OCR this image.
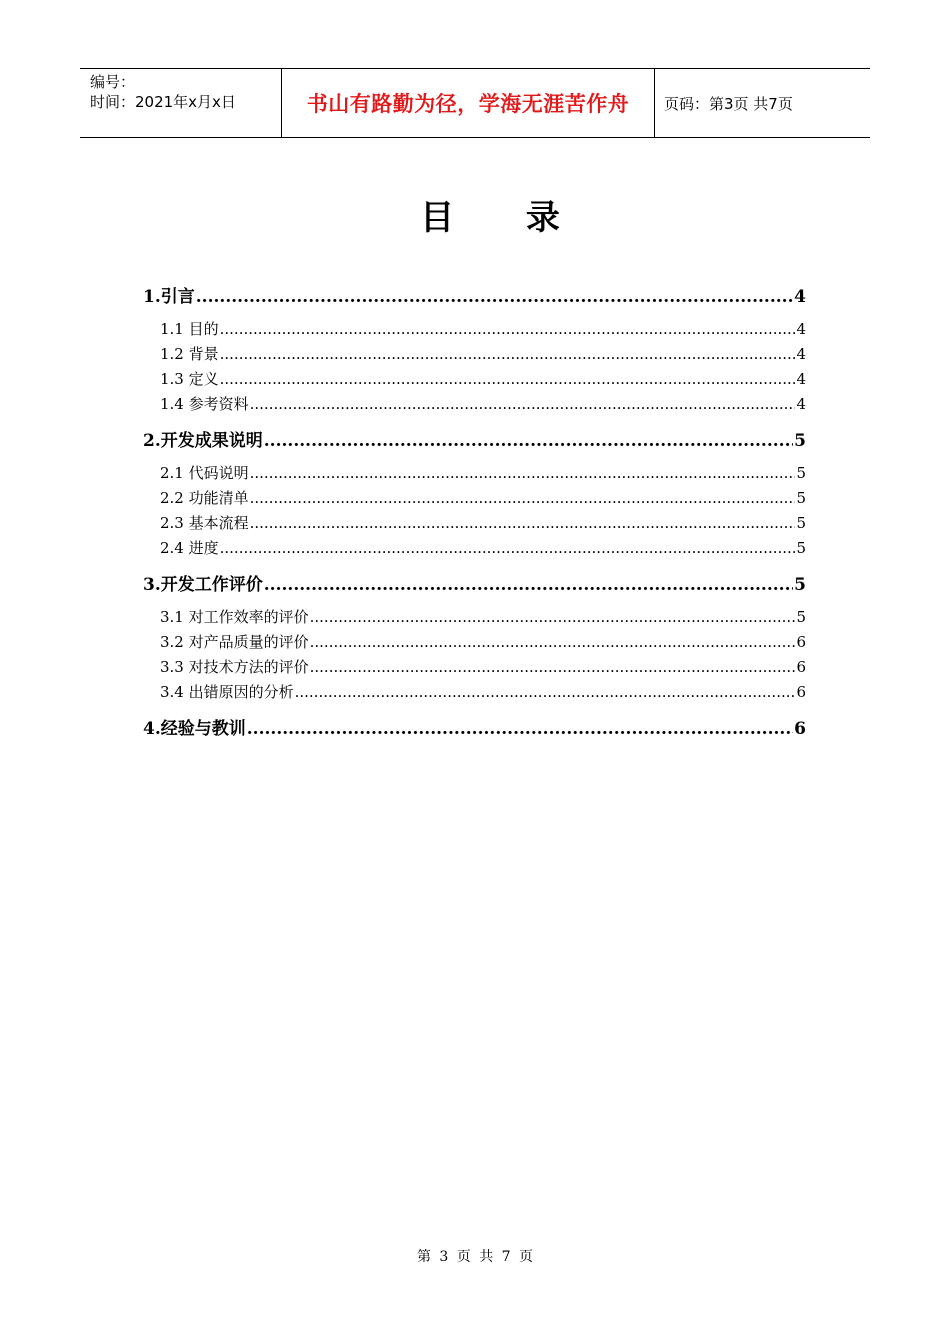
编号：
时间：2021年x月x日	书山有路勤为径，学海无涯苦作舟 页码：第3页 共7页
目 录
1.引言 .....	4
1.1 目的 .....	4
1.2 背景 .....	4
1.3 定义 .....	4
1.4 参考资料 .....	4
2.开发成果说明 .....	5
2.1 代码说明 .....	5
2.2 功能清单 .....	5
2.3 基本流程 .....	5
2.4 进度 .....	5
3.开发工作评价 .....	5
3.1 对工作效率的评价 .....	5
3.2 对产品质量的评价 .....	6
3.3 对技术方法的评价 .....	6
3.4 出错原因的分析 .....	6
4.经验与教训 .....	6
第 3 页 共 7 页
